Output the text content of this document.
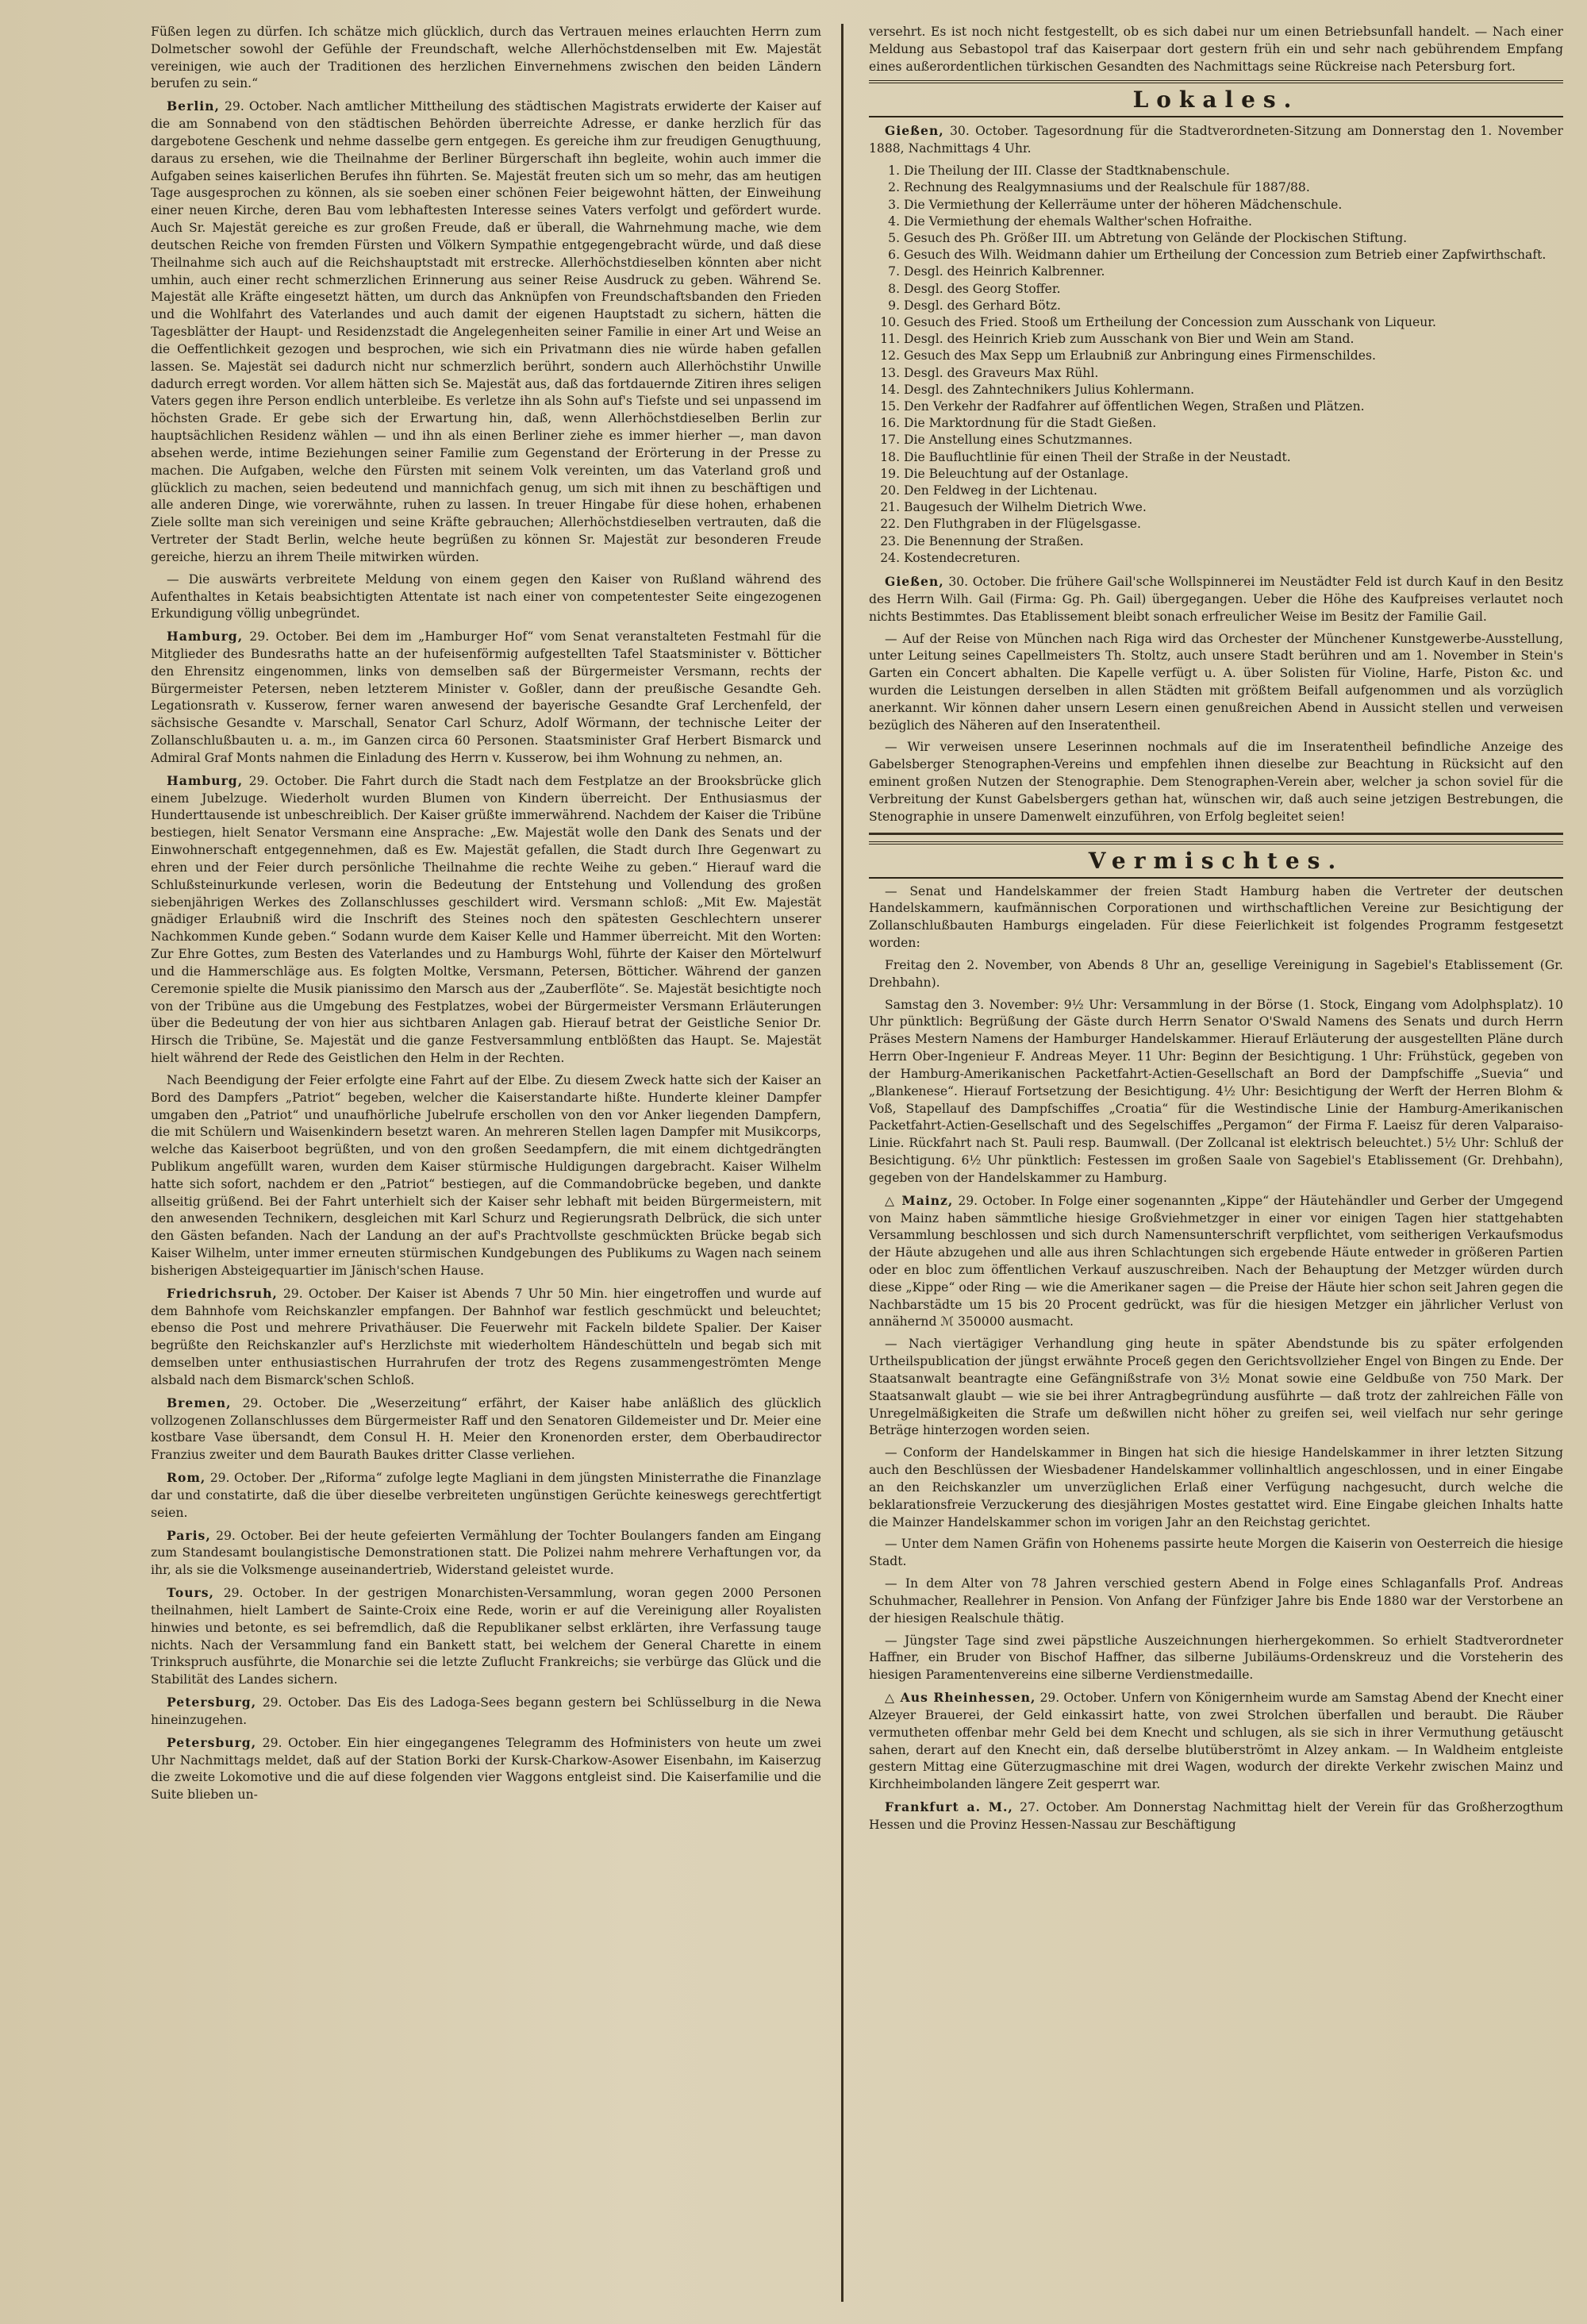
Füßen legen zu dürfen. Ich schätze mich glücklich, durch das Vertrauen meines erlauchten Herrn zum Dolmetscher sowohl der Gefühle der Freundschaft, welche Allerhöchstdenselben mit Ew. Majestät vereinigen, wie auch der Traditionen des herzlichen Einvernehmens zwischen den beiden Ländern berufen zu sein.“

Berlin, 29. October. Nach amtlicher Mittheilung des städtischen Magistrats erwiderte der Kaiser auf die am Sonnabend von den städtischen Behörden überreichte Adresse, er danke herzlich für das dargebotene Geschenk und nehme dasselbe gern entgegen. Es gereiche ihm zur freudigen Genugthuung, daraus zu ersehen, wie die Theilnahme der Berliner Bürgerschaft ihn begleite, wohin auch immer die Aufgaben seines kaiserlichen Berufes ihn führten. Se. Majestät freuten sich um so mehr, das am heutigen Tage ausgesprochen zu können, als sie soeben einer schönen Feier beigewohnt hätten, der Einweihung einer neuen Kirche, deren Bau vom lebhaftesten Interesse seines Vaters verfolgt und gefördert wurde. Auch Sr. Majestät gereiche es zur großen Freude, daß er überall, die Wahrnehmung mache, wie dem deutschen Reiche von fremden Fürsten und Völkern Sympathie entgegengebracht würde, und daß diese Theilnahme sich auch auf die Reichshauptstadt mit erstrecke. Allerhöchstdieselben könnten aber nicht umhin, auch einer recht schmerzlichen Erinnerung aus seiner Reise Ausdruck zu geben. Während Se. Majestät alle Kräfte eingesetzt hätten, um durch das Anknüpfen von Freundschaftsbanden den Frieden und die Wohlfahrt des Vaterlandes und auch damit der eigenen Hauptstadt zu sichern, hätten die Tagesblätter der Haupt- und Residenzstadt die Angelegenheiten seiner Familie in einer Art und Weise an die Oeffentlichkeit gezogen und besprochen, wie sich ein Privatmann dies nie würde haben gefallen lassen. Se. Majestät sei dadurch nicht nur schmerzlich berührt, sondern auch Allerhöchstihr Unwille dadurch erregt worden. Vor allem hätten sich Se. Majestät aus, daß das fortdauernde Zitiren ihres seligen Vaters gegen ihre Person endlich unterbleibe. Es verletze ihn als Sohn auf's Tiefste und sei unpassend im höchsten Grade. Er gebe sich der Erwartung hin, daß, wenn Allerhöchstdieselben Berlin zur hauptsächlichen Residenz wählen — und ihn als einen Berliner ziehe es immer hierher —, man davon absehen werde, intime Beziehungen seiner Familie zum Gegenstand der Erörterung in der Presse zu machen. Die Aufgaben, welche den Fürsten mit seinem Volk vereinten, um das Vaterland groß und glücklich zu machen, seien bedeutend und mannichfach genug, um sich mit ihnen zu beschäftigen und alle anderen Dinge, wie vorerwähnte, ruhen zu lassen. In treuer Hingabe für diese hohen, erhabenen Ziele sollte man sich vereinigen und seine Kräfte gebrauchen; Allerhöchstdieselben vertrauten, daß die Vertreter der Stadt Berlin, welche heute begrüßen zu können Sr. Majestät zur besonderen Freude gereiche, hierzu an ihrem Theile mitwirken würden.

— Die auswärts verbreitete Meldung von einem gegen den Kaiser von Rußland während des Aufenthaltes in Ketais beabsichtigten Attentate ist nach einer von competentester Seite eingezogenen Erkundigung völlig unbegründet.

Hamburg, 29. October. Bei dem im „Hamburger Hof“ vom Senat veranstalteten Festmahl für die Mitglieder des Bundesraths hatte an der hufeisenförmig aufgestellten Tafel Staatsminister v. Bötticher den Ehrensitz eingenommen, links von demselben saß der Bürgermeister Versmann, rechts der Bürgermeister Petersen, neben letzterem Minister v. Goßler, dann der preußische Gesandte Geh. Legationsrath v. Kusserow, ferner waren anwesend der bayerische Gesandte Graf Lerchenfeld, der sächsische Gesandte v. Marschall, Senator Carl Schurz, Adolf Wörmann, der technische Leiter der Zollanschlußbauten u. a. m., im Ganzen circa 60 Personen. Staatsminister Graf Herbert Bismarck und Admiral Graf Monts nahmen die Einladung des Herrn v. Kusserow, bei ihm Wohnung zu nehmen, an.

Hamburg, 29. October. Die Fahrt durch die Stadt nach dem Festplatze an der Brooksbrücke glich einem Jubelzuge. Wiederholt wurden Blumen von Kindern überreicht. Der Enthusiasmus der Hunderttausende ist unbeschreiblich. Der Kaiser grüßte immerwährend. Nachdem der Kaiser die Tribüne bestiegen, hielt Senator Versmann eine Ansprache: „Ew. Majestät wolle den Dank des Senats und der Einwohnerschaft entgegennehmen, daß es Ew. Majestät gefallen, die Stadt durch Ihre Gegenwart zu ehren und der Feier durch persönliche Theilnahme die rechte Weihe zu geben.“ Hierauf ward die Schlußsteinurkunde verlesen, worin die Bedeutung der Entstehung und Vollendung des großen siebenjährigen Werkes des Zollanschlusses geschildert wird. Versmann schloß: „Mit Ew. Majestät gnädiger Erlaubniß wird die Inschrift des Steines noch den spätesten Geschlechtern unserer Nachkommen Kunde geben.“ Sodann wurde dem Kaiser Kelle und Hammer überreicht. Mit den Worten: Zur Ehre Gottes, zum Besten des Vaterlandes und zu Hamburgs Wohl, führte der Kaiser den Mörtelwurf und die Hammerschläge aus. Es folgten Moltke, Versmann, Petersen, Bötticher. Während der ganzen Ceremonie spielte die Musik pianissimo den Marsch aus der „Zauberflöte“. Se. Majestät besichtigte noch von der Tribüne aus die Umgebung des Festplatzes, wobei der Bürgermeister Versmann Erläuterungen über die Bedeutung der von hier aus sichtbaren Anlagen gab. Hierauf betrat der Geistliche Senior Dr. Hirsch die Tribüne, Se. Majestät und die ganze Festversammlung entblößten das Haupt. Se. Majestät hielt während der Rede des Geistlichen den Helm in der Rechten.

Nach Beendigung der Feier erfolgte eine Fahrt auf der Elbe. Zu diesem Zweck hatte sich der Kaiser an Bord des Dampfers „Patriot“ begeben, welcher die Kaiserstandarte hißte. Hunderte kleiner Dampfer umgaben den „Patriot“ und unaufhörliche Jubelrufe erschollen von den vor Anker liegenden Dampfern, die mit Schülern und Waisenkindern besetzt waren. An mehreren Stellen lagen Dampfer mit Musikcorps, welche das Kaiserboot begrüßten, und von den großen Seedampfern, die mit einem dichtgedrängten Publikum angefüllt waren, wurden dem Kaiser stürmische Huldigungen dargebracht. Kaiser Wilhelm hatte sich sofort, nachdem er den „Patriot“ bestiegen, auf die Commandobrücke begeben, und dankte allseitig grüßend. Bei der Fahrt unterhielt sich der Kaiser sehr lebhaft mit beiden Bürgermeistern, mit den anwesenden Technikern, desgleichen mit Karl Schurz und Regierungsrath Delbrück, die sich unter den Gästen befanden. Nach der Landung an der auf's Prachtvollste geschmückten Brücke begab sich Kaiser Wilhelm, unter immer erneuten stürmischen Kundgebungen des Publikums zu Wagen nach seinem bisherigen Absteigequartier im Jänisch'schen Hause.

Friedrichsruh, 29. October. Der Kaiser ist Abends 7 Uhr 50 Min. hier eingetroffen und wurde auf dem Bahnhofe vom Reichskanzler empfangen. Der Bahnhof war festlich geschmückt und beleuchtet; ebenso die Post und mehrere Privathäuser. Die Feuerwehr mit Fackeln bildete Spalier. Der Kaiser begrüßte den Reichskanzler auf's Herzlichste mit wiederholtem Händeschütteln und begab sich mit demselben unter enthusiastischen Hurrahrufen der trotz des Regens zusammengeströmten Menge alsbald nach dem Bismarck'schen Schloß.

Bremen, 29. October. Die „Weserzeitung“ erfährt, der Kaiser habe anläßlich des glücklich vollzogenen Zollanschlusses dem Bürgermeister Raff und den Senatoren Gildemeister und Dr. Meier eine kostbare Vase übersandt, dem Consul H. H. Meier den Kronenorden erster, dem Oberbaudirector Franzius zweiter und dem Baurath Baukes dritter Classe verliehen.

Rom, 29. October. Der „Riforma“ zufolge legte Magliani in dem jüngsten Ministerrathe die Finanzlage dar und constatirte, daß die über dieselbe verbreiteten ungünstigen Gerüchte keineswegs gerechtfertigt seien.

Paris, 29. October. Bei der heute gefeierten Vermählung der Tochter Boulangers fanden am Eingang zum Standesamt boulangistische Demonstrationen statt. Die Polizei nahm mehrere Verhaftungen vor, da ihr, als sie die Volksmenge auseinandertrieb, Widerstand geleistet wurde.

Tours, 29. October. In der gestrigen Monarchisten-Versammlung, woran gegen 2000 Personen theilnahmen, hielt Lambert de Sainte-Croix eine Rede, worin er auf die Vereinigung aller Royalisten hinwies und betonte, es sei befremdlich, daß die Republikaner selbst erklärten, ihre Verfassung tauge nichts. Nach der Versammlung fand ein Bankett statt, bei welchem der General Charette in einem Trinkspruch ausführte, die Monarchie sei die letzte Zuflucht Frankreichs; sie verbürge das Glück und die Stabilität des Landes sichern.

Petersburg, 29. October. Das Eis des Ladoga-Sees begann gestern bei Schlüsselburg in die Newa hineinzugehen.

Petersburg, 29. October. Ein hier eingegangenes Telegramm des Hofministers von heute um zwei Uhr Nachmittags meldet, daß auf der Station Borki der Kursk-Charkow-Asower Eisenbahn, im Kaiserzug die zweite Lokomotive und die auf diese folgenden vier Waggons entgleist sind. Die Kaiserfamilie und die Suite blieben un-

versehrt. Es ist noch nicht festgestellt, ob es sich dabei nur um einen Betriebsunfall handelt. — Nach einer Meldung aus Sebastopol traf das Kaiserpaar dort gestern früh ein und sehr nach gebührendem Empfang eines außerordentlichen türkischen Gesandten des Nachmittags seine Rückreise nach Petersburg fort.

Lokales.

Gießen, 30. October. Tagesordnung für die Stadtverordneten-Sitzung am Donnerstag den 1. November 1888, Nachmittags 4 Uhr.

1. Die Theilung der III. Classe der Stadtknabenschule.
2. Rechnung des Realgymnasiums und der Realschule für 1887/88.
3. Die Vermiethung der Kellerräume unter der höheren Mädchenschule.
4. Die Vermiethung der ehemals Walther'schen Hofraithe.
5. Gesuch des Ph. Größer III. um Abtretung von Gelände der Plockischen Stiftung.
6. Gesuch des Wilh. Weidmann dahier um Ertheilung der Concession zum Betrieb einer Zapfwirthschaft.
7. Desgl. des Heinrich Kalbrenner.
8. Desgl. des Georg Stoffer.
9. Desgl. des Gerhard Bötz.
10. Gesuch des Fried. Stooß um Ertheilung der Concession zum Ausschank von Liqueur.
11. Desgl. des Heinrich Krieb zum Ausschank von Bier und Wein am Stand.
12. Gesuch des Max Sepp um Erlaubniß zur Anbringung eines Firmenschildes.
13. Desgl. des Graveurs Max Rühl.
14. Desgl. des Zahntechnikers Julius Kohlermann.
15. Den Verkehr der Radfahrer auf öffentlichen Wegen, Straßen und Plätzen.
16. Die Marktordnung für die Stadt Gießen.
17. Die Anstellung eines Schutzmannes.
18. Die Baufluchtlinie für einen Theil der Straße in der Neustadt.
19. Die Beleuchtung auf der Ostanlage.
20. Den Feldweg in der Lichtenau.
21. Baugesuch der Wilhelm Dietrich Wwe.
22. Den Fluthgraben in der Flügelsgasse.
23. Die Benennung der Straßen.
24. Kostendecreturen.

Gießen, 30. October. Die frühere Gail'sche Wollspinnerei im Neustädter Feld ist durch Kauf in den Besitz des Herrn Wilh. Gail (Firma: Gg. Ph. Gail) übergegangen. Ueber die Höhe des Kaufpreises verlautet noch nichts Bestimmtes. Das Etablissement bleibt sonach erfreulicher Weise im Besitz der Familie Gail.

— Auf der Reise von München nach Riga wird das Orchester der Münchener Kunstgewerbe-Ausstellung, unter Leitung seines Capellmeisters Th. Stoltz, auch unsere Stadt berühren und am 1. November in Stein's Garten ein Concert abhalten. Die Kapelle verfügt u. A. über Solisten für Violine, Harfe, Piston &c. und wurden die Leistungen derselben in allen Städten mit größtem Beifall aufgenommen und als vorzüglich anerkannt. Wir können daher unsern Lesern einen genußreichen Abend in Aussicht stellen und verweisen bezüglich des Näheren auf den Inseratentheil.

— Wir verweisen unsere Leserinnen nochmals auf die im Inseratentheil befindliche Anzeige des Gabelsberger Stenographen-Vereins und empfehlen ihnen dieselbe zur Beachtung in Rücksicht auf den eminent großen Nutzen der Stenographie. Dem Stenographen-Verein aber, welcher ja schon soviel für die Verbreitung der Kunst Gabelsbergers gethan hat, wünschen wir, daß auch seine jetzigen Bestrebungen, die Stenographie in unsere Damenwelt einzuführen, von Erfolg begleitet seien!

Vermischtes.

— Senat und Handelskammer der freien Stadt Hamburg haben die Vertreter der deutschen Handelskammern, kaufmännischen Corporationen und wirthschaftlichen Vereine zur Besichtigung der Zollanschlußbauten Hamburgs eingeladen. Für diese Feierlichkeit ist folgendes Programm festgesetzt worden:

Freitag den 2. November, von Abends 8 Uhr an, gesellige Vereinigung in Sagebiel's Etablissement (Gr. Drehbahn).

Samstag den 3. November: 9½ Uhr: Versammlung in der Börse (1. Stock, Eingang vom Adolphsplatz). 10 Uhr pünktlich: Begrüßung der Gäste durch Herrn Senator O'Swald Namens des Senats und durch Herrn Präses Mestern Namens der Hamburger Handelskammer. Hierauf Erläuterung der ausgestellten Pläne durch Herrn Ober-Ingenieur F. Andreas Meyer. 11 Uhr: Beginn der Besichtigung. 1 Uhr: Frühstück, gegeben von der Hamburg-Amerikanischen Packetfahrt-Actien-Gesellschaft an Bord der Dampfschiffe „Suevia“ und „Blankenese“. Hierauf Fortsetzung der Besichtigung. 4½ Uhr: Besichtigung der Werft der Herren Blohm & Voß, Stapellauf des Dampfschiffes „Croatia“ für die Westindische Linie der Hamburg-Amerikanischen Packetfahrt-Actien-Gesellschaft und des Segelschiffes „Pergamon“ der Firma F. Laeisz für deren Valparaiso-Linie. Rückfahrt nach St. Pauli resp. Baumwall. (Der Zollcanal ist elektrisch beleuchtet.) 5½ Uhr: Schluß der Besichtigung. 6½ Uhr pünktlich: Festessen im großen Saale von Sagebiel's Etablissement (Gr. Drehbahn), gegeben von der Handelskammer zu Hamburg.

△ Mainz, 29. October. In Folge einer sogenannten „Kippe“ der Häutehändler und Gerber der Umgegend von Mainz haben sämmtliche hiesige Großviehmetzger in einer vor einigen Tagen hier stattgehabten Versammlung beschlossen und sich durch Namensunterschrift verpflichtet, vom seitherigen Verkaufsmodus der Häute abzugehen und alle aus ihren Schlachtungen sich ergebende Häute entweder in größeren Partien oder en bloc zum öffentlichen Verkauf auszuschreiben. Nach der Behauptung der Metzger würden durch diese „Kippe“ oder Ring — wie die Amerikaner sagen — die Preise der Häute hier schon seit Jahren gegen die Nachbarstädte um 15 bis 20 Procent gedrückt, was für die hiesigen Metzger ein jährlicher Verlust von annähernd ℳ 350000 ausmacht.

— Nach viertägiger Verhandlung ging heute in später Abendstunde bis zu später erfolgenden Urtheilspublication der jüngst erwähnte Proceß gegen den Gerichtsvollzieher Engel von Bingen zu Ende. Der Staatsanwalt beantragte eine Gefängnißstrafe von 3½ Monat sowie eine Geldbuße von 750 Mark. Der Staatsanwalt glaubt — wie sie bei ihrer Antragbegründung ausführte — daß trotz der zahlreichen Fälle von Unregelmäßigkeiten die Strafe um deßwillen nicht höher zu greifen sei, weil vielfach nur sehr geringe Beträge hinterzogen worden seien.

— Conform der Handelskammer in Bingen hat sich die hiesige Handelskammer in ihrer letzten Sitzung auch den Beschlüssen der Wiesbadener Handelskammer vollinhaltlich angeschlossen, und in einer Eingabe an den Reichskanzler um unverzüglichen Erlaß einer Verfügung nachgesucht, durch welche die beklarationsfreie Verzuckerung des diesjährigen Mostes gestattet wird. Eine Eingabe gleichen Inhalts hatte die Mainzer Handelskammer schon im vorigen Jahr an den Reichstag gerichtet.

— Unter dem Namen Gräfin von Hohenems passirte heute Morgen die Kaiserin von Oesterreich die hiesige Stadt.

— In dem Alter von 78 Jahren verschied gestern Abend in Folge eines Schlaganfalls Prof. Andreas Schuhmacher, Reallehrer in Pension. Von Anfang der Fünfziger Jahre bis Ende 1880 war der Verstorbene an der hiesigen Realschule thätig.

— Jüngster Tage sind zwei päpstliche Auszeichnungen hierhergekommen. So erhielt Stadtverordneter Haffner, ein Bruder von Bischof Haffner, das silberne Jubiläums-Ordenskreuz und die Vorsteherin des hiesigen Paramentenvereins eine silberne Verdienstmedaille.

△ Aus Rheinhessen, 29. October. Unfern von Königernheim wurde am Samstag Abend der Knecht einer Alzeyer Brauerei, der Geld einkassirt hatte, von zwei Strolchen überfallen und beraubt. Die Räuber vermutheten offenbar mehr Geld bei dem Knecht und schlugen, als sie sich in ihrer Vermuthung getäuscht sahen, derart auf den Knecht ein, daß derselbe blutüberströmt in Alzey ankam. — In Waldheim entgleiste gestern Mittag eine Güterzugmaschine mit drei Wagen, wodurch der direkte Verkehr zwischen Mainz und Kirchheimbolanden längere Zeit gesperrt war.

Frankfurt a. M., 27. October. Am Donnerstag Nachmittag hielt der Verein für das Großherzogthum Hessen und die Provinz Hessen-Nassau zur Beschäftigung
